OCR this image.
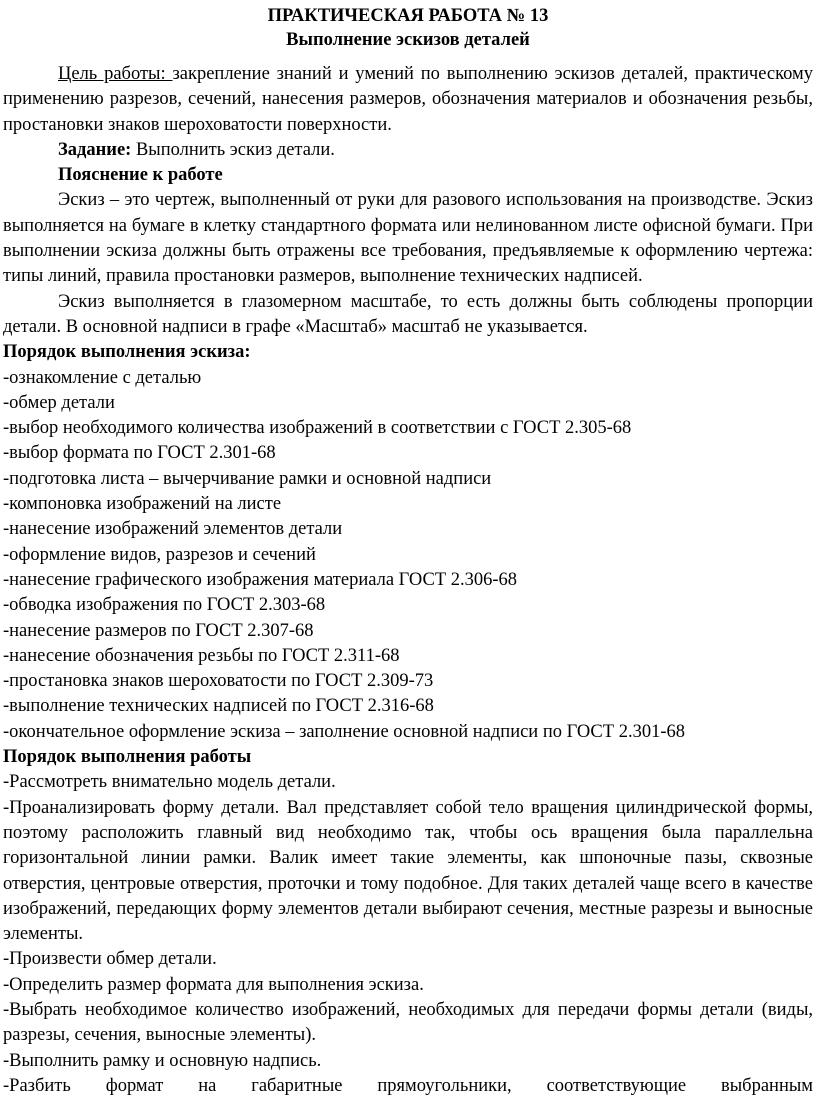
ПРАКТИЧЕСКАЯ РАБОТА № 13
Выполнение эскизов деталей

Цель работы: закрепление знаний и умений по выполнению эскизов деталей, практическому применению разрезов, сечений, нанесения размеров, обозначения материалов и обозначения резьбы, простановки знаков шероховатости поверхности.

Задание: Выполнить эскиз детали.

Пояснение к работе

Эскиз – это чертеж, выполненный от руки для разового использования на производстве. Эскиз выполняется на бумаге в клетку стандартного формата или нелинованном листе офисной бумаги. При выполнении эскиза должны быть отражены все требования, предъявляемые к оформлению чертежа: типы линий, правила простановки размеров, выполнение технических надписей.

Эскиз выполняется в глазомерном масштабе, то есть должны быть соблюдены пропорции детали. В основной надписи в графе «Масштаб» масштаб не указывается.

Порядок выполнения эскиза:
-ознакомление с деталью
-обмер детали
-выбор необходимого количества изображений в соответствии с ГОСТ 2.305-68
-выбор формата по ГОСТ 2.301-68
-подготовка листа – вычерчивание рамки и основной надписи
-компоновка изображений на листе
-нанесение изображений элементов детали
-оформление видов, разрезов и сечений
-нанесение графического изображения материала ГОСТ 2.306-68
-обводка изображения по ГОСТ 2.303-68
-нанесение размеров по ГОСТ 2.307-68
-нанесение обозначения резьбы по ГОСТ 2.311-68
-простановка знаков шероховатости по ГОСТ 2.309-73
-выполнение технических надписей по ГОСТ 2.316-68
-окончательное оформление эскиза – заполнение основной надписи по ГОСТ 2.301-68
Порядок выполнения работы

-Рассмотреть внимательно модель детали.

-Проанализировать форму детали. Вал представляет собой тело вращения цилиндрической формы, поэтому расположить главный вид необходимо так, чтобы ось вращения была параллельна горизонтальной линии рамки. Валик имеет такие элементы, как шпоночные пазы, сквозные отверстия, центровые отверстия, проточки и тому подобное. Для таких деталей чаще всего в качестве изображений, передающих форму элементов детали выбирают сечения, местные разрезы и выносные элементы.

-Произвести обмер детали.

-Определить размер формата для выполнения эскиза.

-Выбрать необходимое количество изображений, необходимых для передачи формы детали (виды, разрезы, сечения, выносные элементы).

-Выполнить рамку и основную надпись.

-Разбить формат на габаритные прямоугольники, соответствующие выбранным
